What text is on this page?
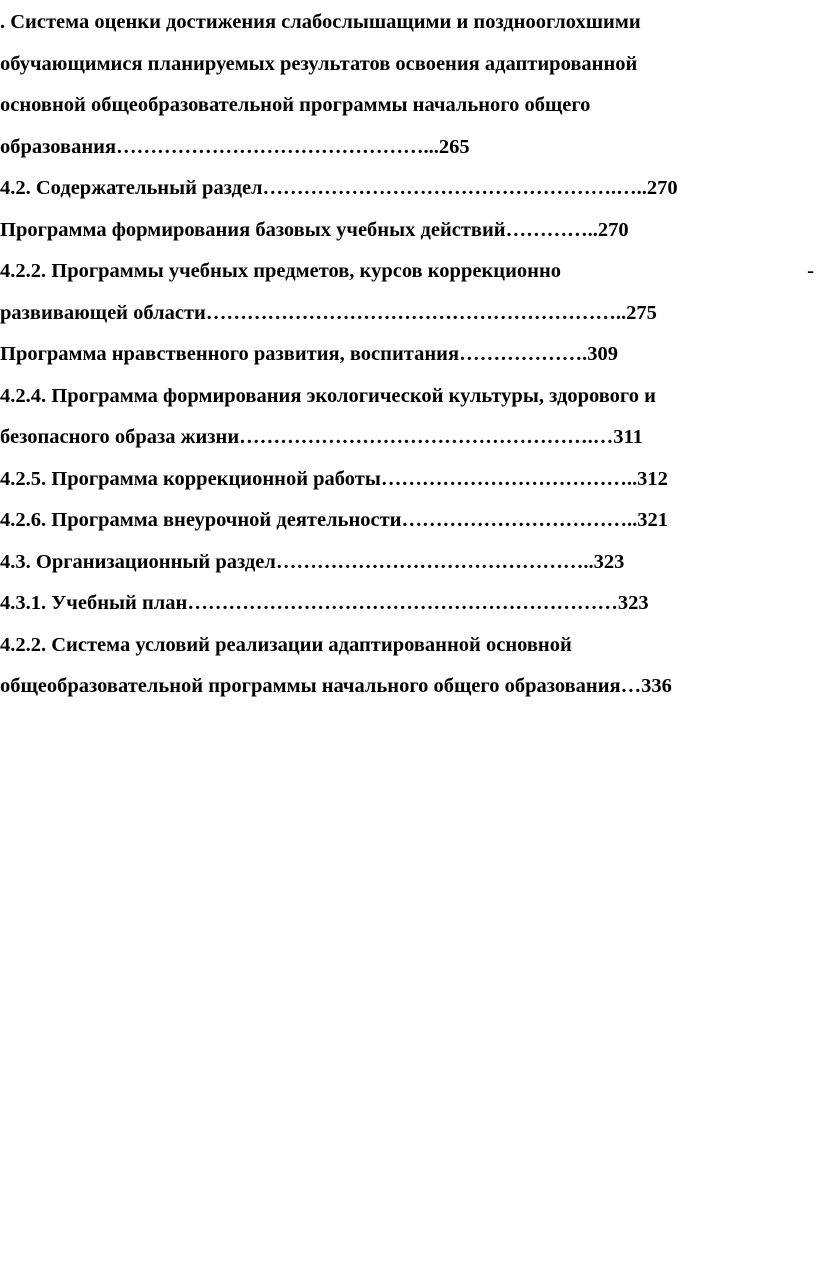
. Система оценки достижения слабослышащими и позднооглохшими
обучающимися планируемых результатов освоения адаптированной
основной общеобразовательной программы начального общего
образования………………………………………...265
4.2. Содержательный раздел…………………………………………….…..270
Программа формирования базовых учебных действий…………..270
4.2.2. Программы учебных предметов, курсов коррекционно	-
развивающей области……………………………………………………..275
Программа нравственного развития, воспитания……………….309
4.2.4. Программа формирования экологической культуры, здорового и
безопасного образа жизни…………………………………………….…311
4.2.5. Программа коррекционной работы………………………………..312
4.2.6. Программа внеурочной деятельности……………………………..321
4.3. Организационный раздел………………………………………..323
4.3.1. Учебный план………………………………………………………323
4.2.2. Система условий реализации адаптированной основной
общеобразовательной программы начального общего образования…336
